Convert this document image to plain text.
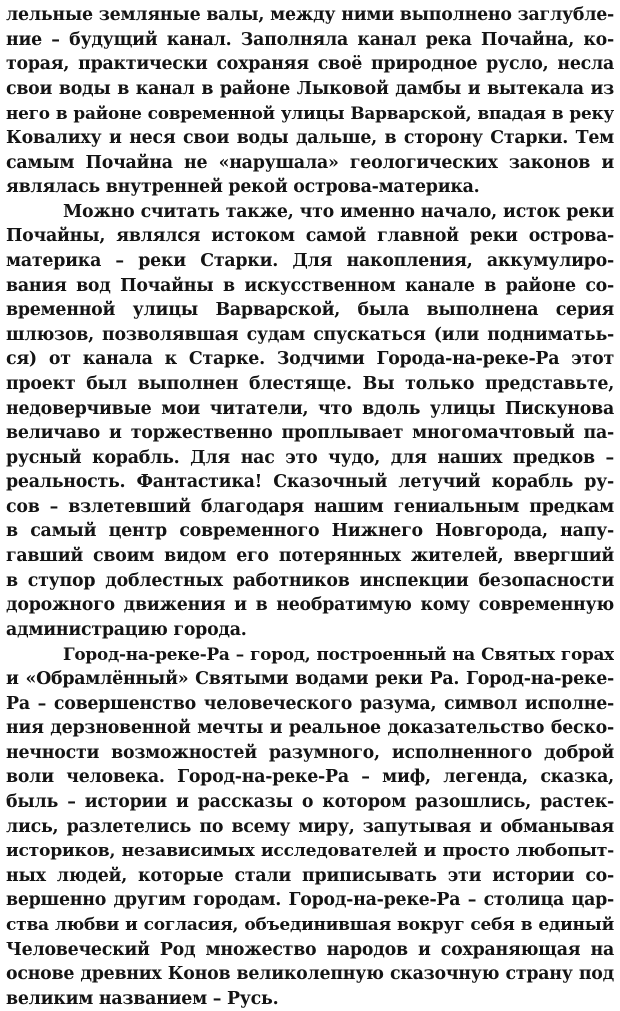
лельные земляные валы, между ними выполнено заглубле-
ние – будущий канал. Заполняла канал река Почайна, ко-
торая, практически сохраняя своё природное русло, несла
свои воды в канал в районе Лыковой дамбы и вытекала из
него в районе современной улицы Варварской, впадая в реку
Ковалиху и неся свои воды дальше, в сторону Старки. Тем
самым Почайна не «нарушала» геологических законов и
являлась внутренней рекой острова-материка.
Можно считать также, что именно начало, исток реки
Почайны, являлся истоком самой главной реки острова-
материка – реки Старки. Для накопления, аккумулиро-
вания вод Почайны в искусственном канале в районе со-
временной улицы Варварской, была выполнена серия
шлюзов, позволявшая судам спускаться (или подниматьь-
ся) от канала к Старке. Зодчими Города-на-реке-Ра этот
проект был выполнен блестяще. Вы только представьте,
недоверчивые мои читатели, что вдоль улицы Пискунова
величаво и торжественно проплывает многомачтовый па-
русный корабль. Для нас это чудо, для наших предков –
реальность. Фантастика! Сказочный летучий корабль ру-
сов – взлетевший благодаря нашим гениальным предкам
в самый центр современного Нижнего Новгорода, напу-
гавший своим видом его потерянных жителей, ввергший
в ступор доблестных работников инспекции безопасности
дорожного движения и в необратимую кому современную
администрацию города.
Город-на-реке-Ра – город, построенный на Святых горах
и «Обрамлённый» Святыми водами реки Ра. Город-на-реке-
Ра – совершенство человеческого разума, символ исполне-
ния дерзновенной мечты и реальное доказательство беско-
нечности возможностей разумного, исполненного доброй
воли человека. Город-на-реке-Ра – миф, легенда, сказка,
быль – истории и рассказы о котором разошлись, растек-
лись, разлетелись по всему миру, запутывая и обманывая
историков, независимых исследователей и просто любопыт-
ных людей, которые стали приписывать эти истории со-
вершенно другим городам. Город-на-реке-Ра – столица цар-
ства любви и согласия, объединившая вокруг себя в единый
Человеческий Род множество народов и сохраняющая на
основе древних Конов великолепную сказочную страну под
великим названием – Русь.
